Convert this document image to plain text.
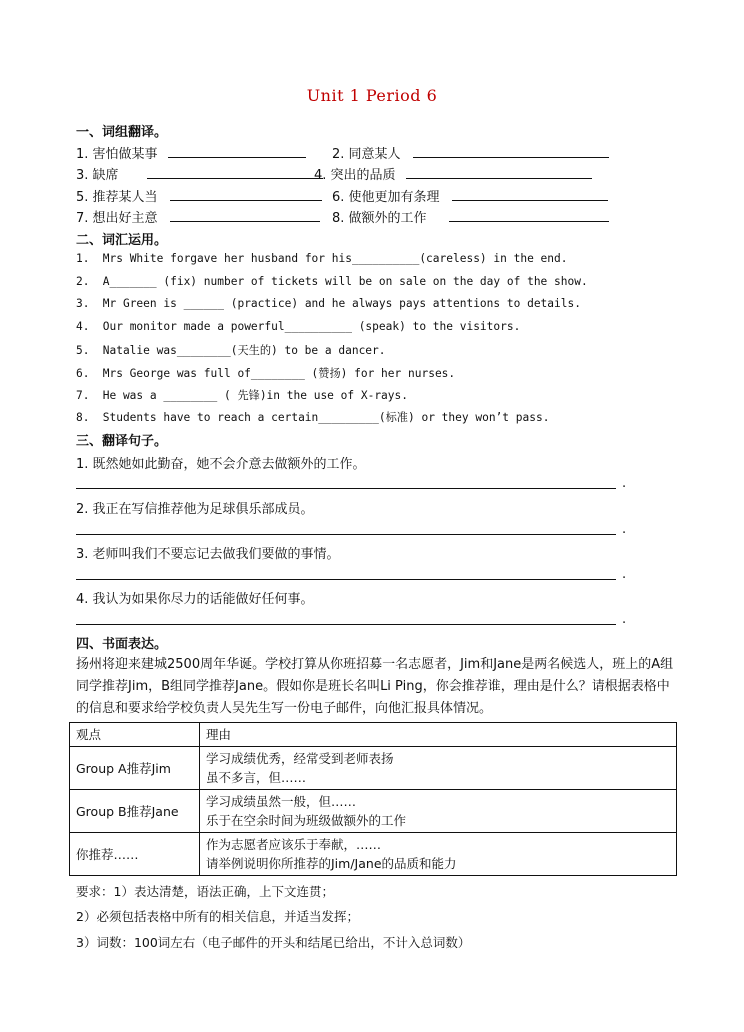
Unit 1 Period 6
一、词组翻译。
1. 害怕做某事	2. 同意某人
3. 缺席	4. 突出的品质
5. 推荐某人当	6. 使他更加有条理
7. 想出好主意	8. 做额外的工作
二、词汇运用。
1. Mrs White forgave her husband for his__________(careless) in the end.
2. A_______ (fix) number of tickets will be on sale on the day of the show.
3. Mr Green is ______ (practice) and he always pays attentions to details.
4. Our monitor made a powerful__________ (speak) to the visitors.
5. Natalie was________(天生的) to be a dancer.
6. Mrs George was full of________ (赞扬) for her nurses.
7. He was a ________ ( 先锋)in the use of X-rays.
8. Students have to reach a certain_________(标准) or they won’t pass.
三、翻译句子。
1. 既然她如此勤奋，她不会介意去做额外的工作。
.
2. 我正在写信推荐他为足球俱乐部成员。
.
3. 老师叫我们不要忘记去做我们要做的事情。
.
4. 我认为如果你尽力的话能做好任何事。
.
四、书面表达。
扬州将迎来建城2500周年华诞。学校打算从你班招募一名志愿者，Jim和Jane是两名候选人，班上的A组同学推荐Jim，B组同学推荐Jane。假如你是班长名叫Li Ping，你会推荐谁，理由是什么？请根据表格中的信息和要求给学校负责人吴先生写一份电子邮件，向他汇报具体情况。
观点	理由
Group A推荐Jim	学习成绩优秀，经常受到老师表扬
虽不多言，但……

Group B推荐Jane	学习成绩虽然一般，但……
乐于在空余时间为班级做额外的工作

你推荐……	作为志愿者应该乐于奉献，……
请举例说明你所推荐的Jim/Jane的品质和能力
要求：1）表达清楚，语法正确，上下文连贯；
2）必须包括表格中所有的相关信息，并适当发挥；
3）词数：100词左右（电子邮件的开头和结尾已给出，不计入总词数）
